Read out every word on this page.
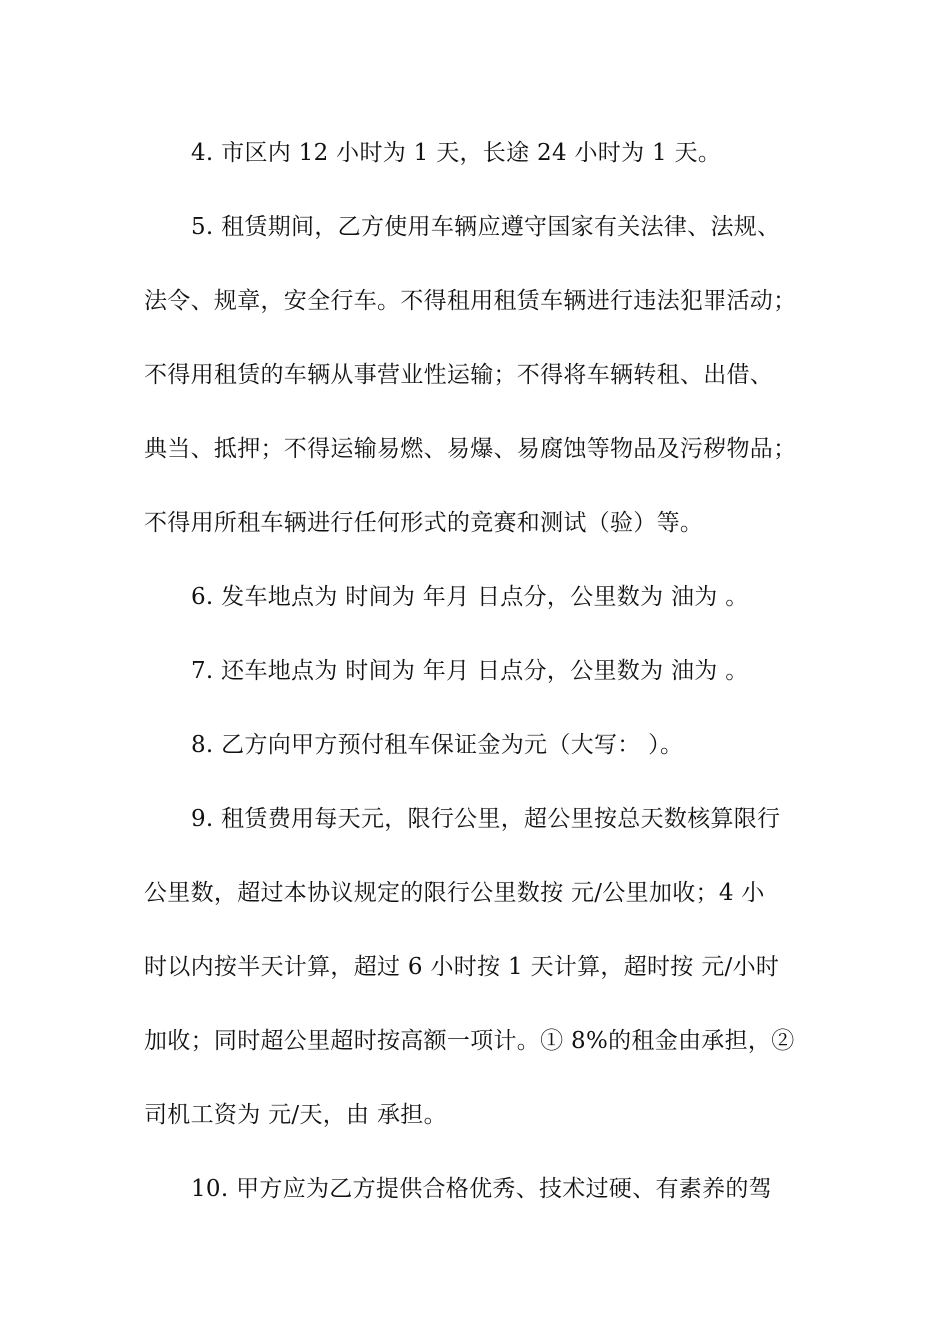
4. 市区内 12 小时为 1 天，长途 24 小时为 1 天。
5. 租赁期间，乙方使用车辆应遵守国家有关法律、法规、
法令、规章，安全行车。不得租用租赁车辆进行违法犯罪活动；
不得用租赁的车辆从事营业性运输；不得将车辆转租、出借、
典当、抵押；不得运输易燃、易爆、易腐蚀等物品及污秽物品；
不得用所租车辆进行任何形式的竞赛和测试（验）等。
6. 发车地点为 时间为 年月 日点分，公里数为 油为 。
7. 还车地点为 时间为 年月 日点分，公里数为 油为 。
8. 乙方向甲方预付租车保证金为元（大写： ）。
9. 租赁费用每天元，限行公里，超公里按总天数核算限行
公里数，超过本协议规定的限行公里数按 元/公里加收；4 小
时以内按半天计算，超过 6 小时按 1 天计算，超时按 元/小时
加收；同时超公里超时按高额一项计。① 8%的租金由承担，②
司机工资为 元/天，由 承担。
10. 甲方应为乙方提供合格优秀、技术过硬、有素养的驾
